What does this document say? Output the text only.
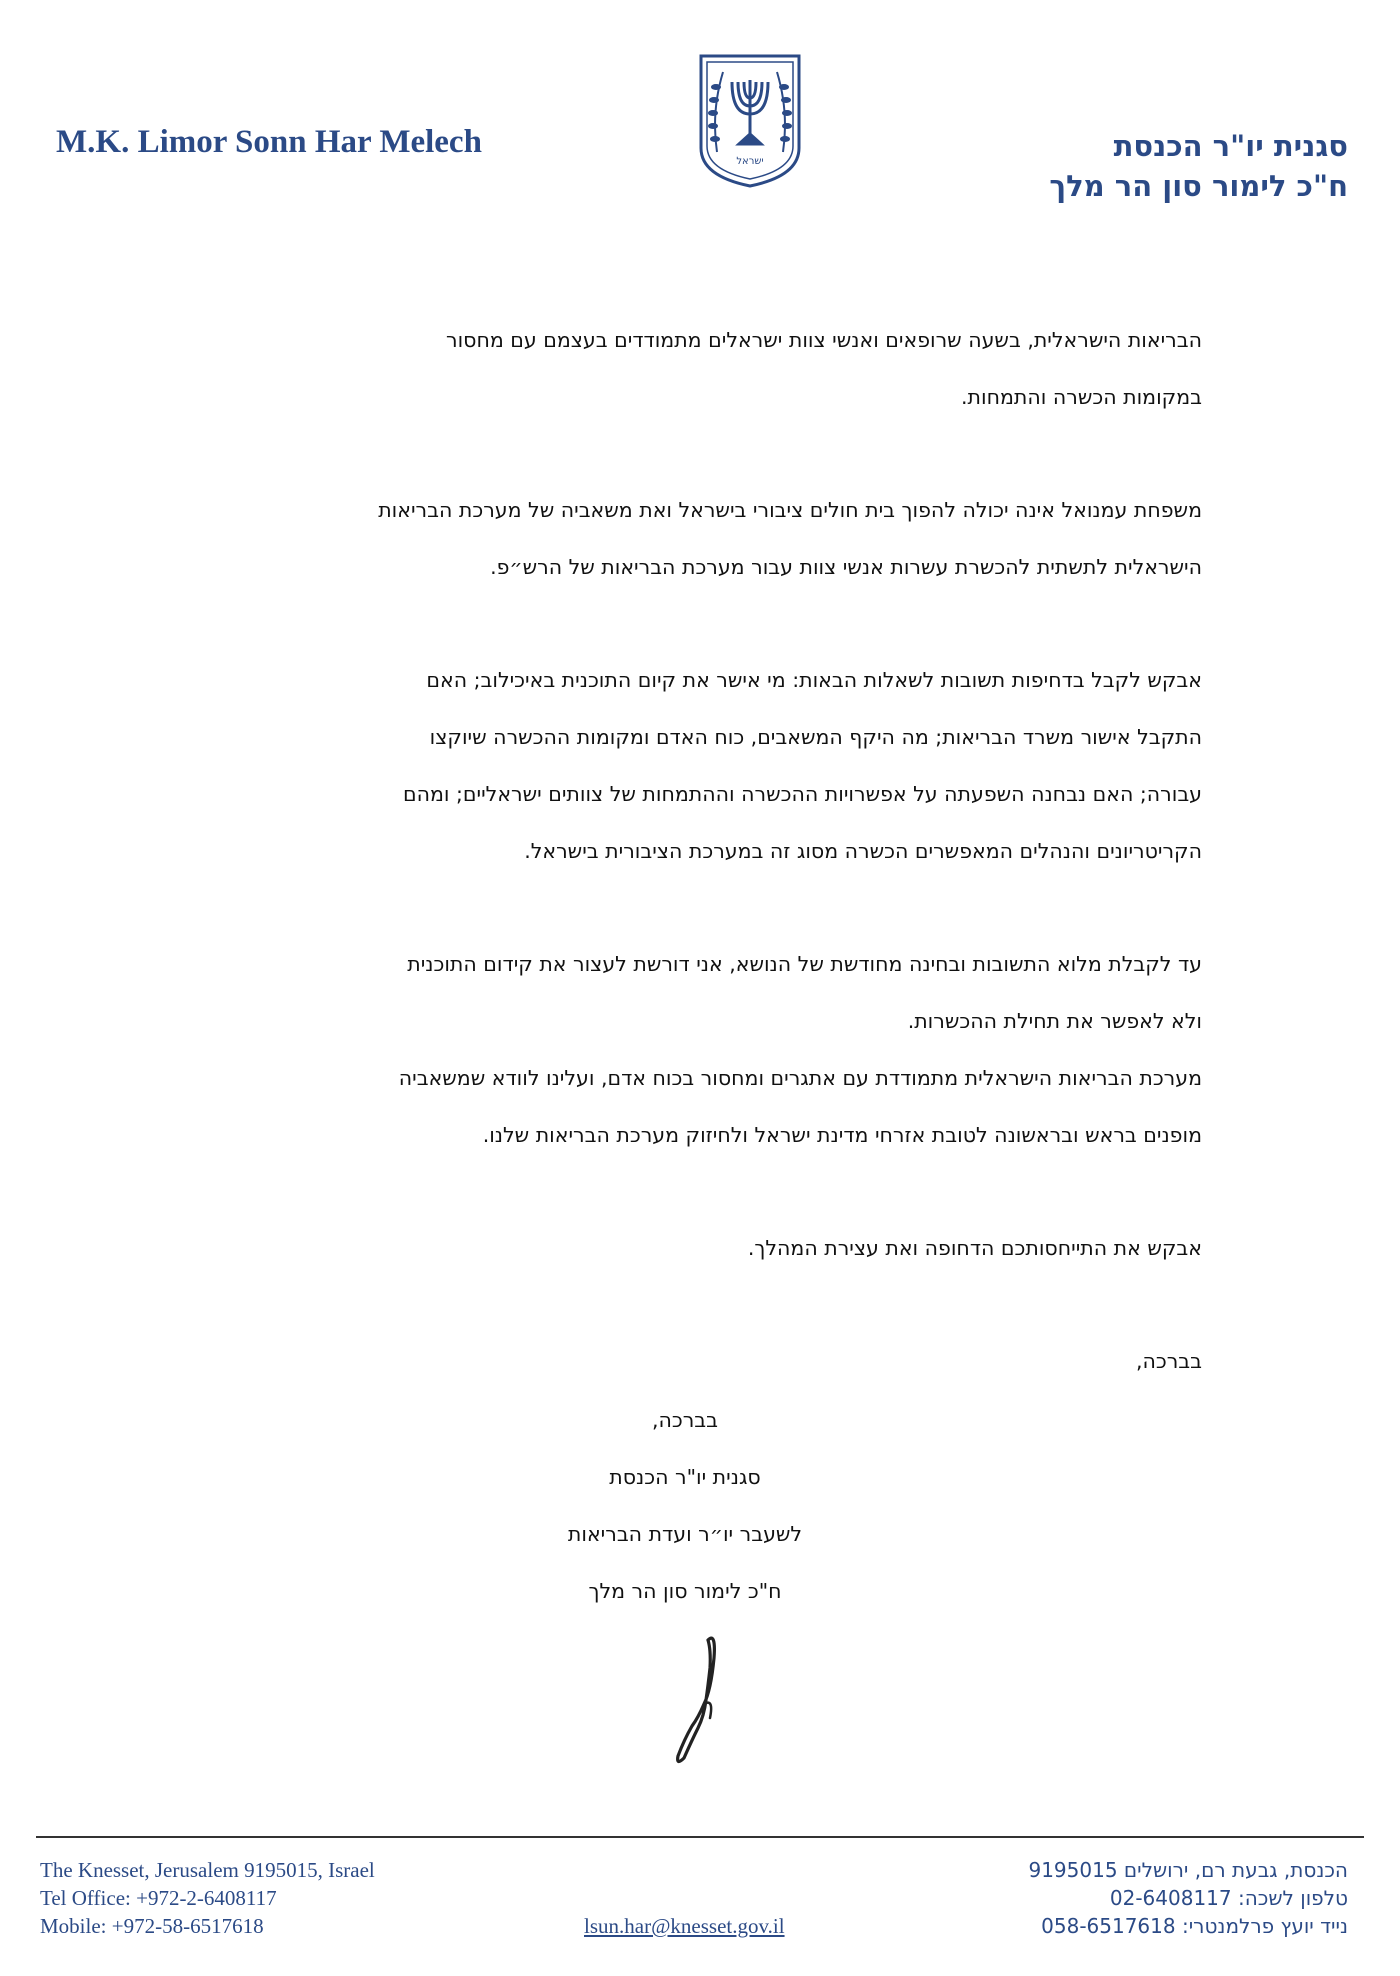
M.K. Limor Sonn Har Melech
ישראל	סגנית יו"ר הכנסת
ח"כ לימור סון הר מלך
הבריאות הישראלית, בשעה שרופאים ואנשי צוות ישראלים מתמודדים בעצמם עם מחסור
במקומות הכשרה והתמחות.
משפחת עמנואל אינה יכולה להפוך בית חולים ציבורי בישראל ואת משאביה של מערכת הבריאות
הישראלית לתשתית להכשרת עשרות אנשי צוות עבור מערכת הבריאות של הרש״פ.
אבקש לקבל בדחיפות תשובות לשאלות הבאות: מי אישר את קיום התוכנית באיכילוב; האם
התקבל אישור משרד הבריאות; מה היקף המשאבים, כוח האדם ומקומות ההכשרה שיוקצו
עבורה; האם נבחנה השפעתה על אפשרויות ההכשרה וההתמחות של צוותים ישראליים; ומהם
הקריטריונים והנהלים המאפשרים הכשרה מסוג זה במערכת הציבורית בישראל.
עד לקבלת מלוא התשובות ובחינה מחודשת של הנושא, אני דורשת לעצור את קידום התוכנית
ולא לאפשר את תחילת ההכשרות.
מערכת הבריאות הישראלית מתמודדת עם אתגרים ומחסור בכוח אדם, ועלינו לוודא שמשאביה
מופנים בראש ובראשונה לטובת אזרחי מדינת ישראל ולחיזוק מערכת הבריאות שלנו.
אבקש את התייחסותכם הדחופה ואת עצירת המהלך.
בברכה,
בברכה,
סגנית יו"ר הכנסת
לשעבר יו״ר ועדת הבריאות
ח"כ לימור סון הר מלך
The Knesset, Jerusalem 9195015, Israel
Tel Office: +972-2-6408117
Mobile: +972-58-6517618	lsun.har@knesset.gov.il
הכנסת, גבעת רם, ירושלים 9195015
טלפון לשכה: 02-6408117
נייד יועץ פרלמנטרי: 058-6517618
